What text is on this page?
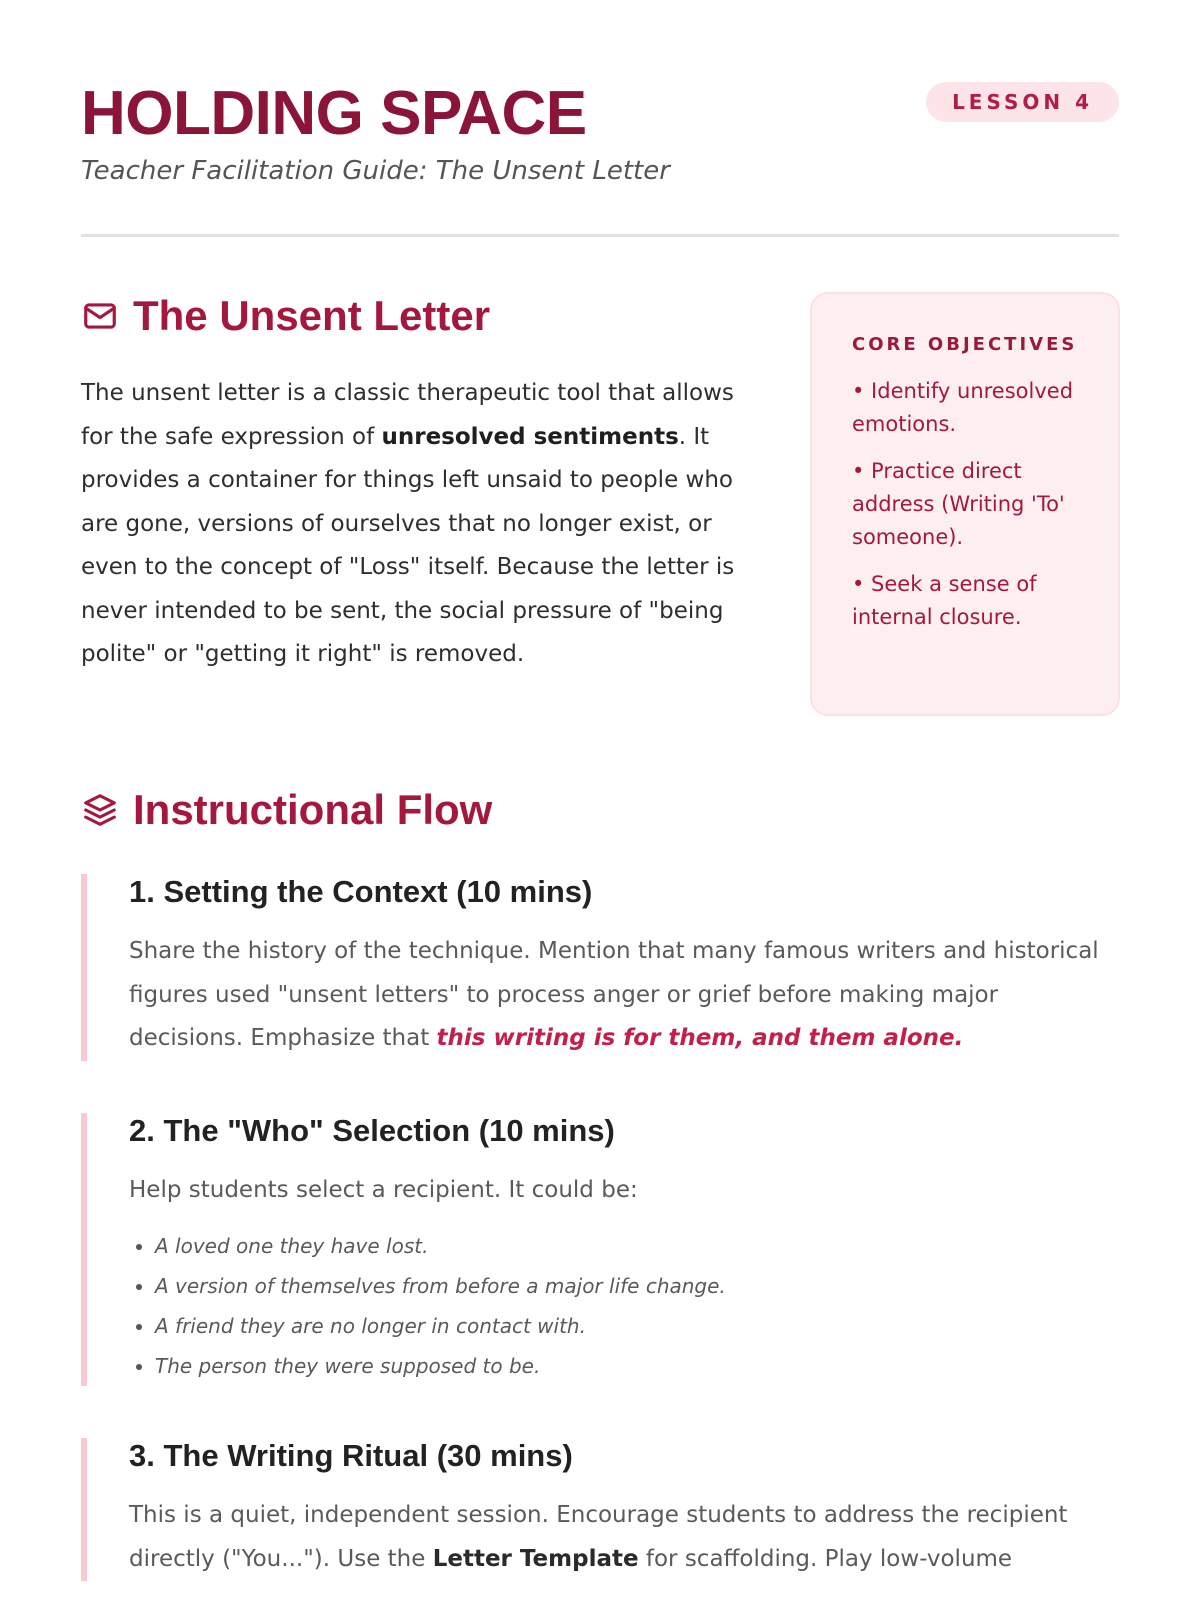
HOLDING SPACE

Teacher Facilitation Guide: The Unsent Letter

LESSON 4
The Unsent Letter

The unsent letter is a classic therapeutic tool that allows for the safe expression of unresolved sentiments. It provides a container for things left unsaid to people who are gone, versions of ourselves that no longer exist, or even to the concept of "Loss" itself. Because the letter is never intended to be sent, the social pressure of "being polite" or "getting it right" is removed.

CORE OBJECTIVES
• Identify unresolved emotions.
• Practice direct address (Writing 'To' someone).
• Seek a sense of internal closure.
Instructional Flow
1. Setting the Context (10 mins)

Share the history of the technique. Mention that many famous writers and historical figures used "unsent letters" to process anger or grief before making major decisions. Emphasize that this writing is for them, and them alone.

2. The "Who" Selection (10 mins)

Help students select a recipient. It could be:

• A loved one they have lost.
• A version of themselves from before a major life change.
• A friend they are no longer in contact with.
• The person they were supposed to be.
3. The Writing Ritual (30 mins)

This is a quiet, independent session. Encourage students to address the recipient directly ("You..."). Use the Letter Template for scaffolding. Play low-volume
